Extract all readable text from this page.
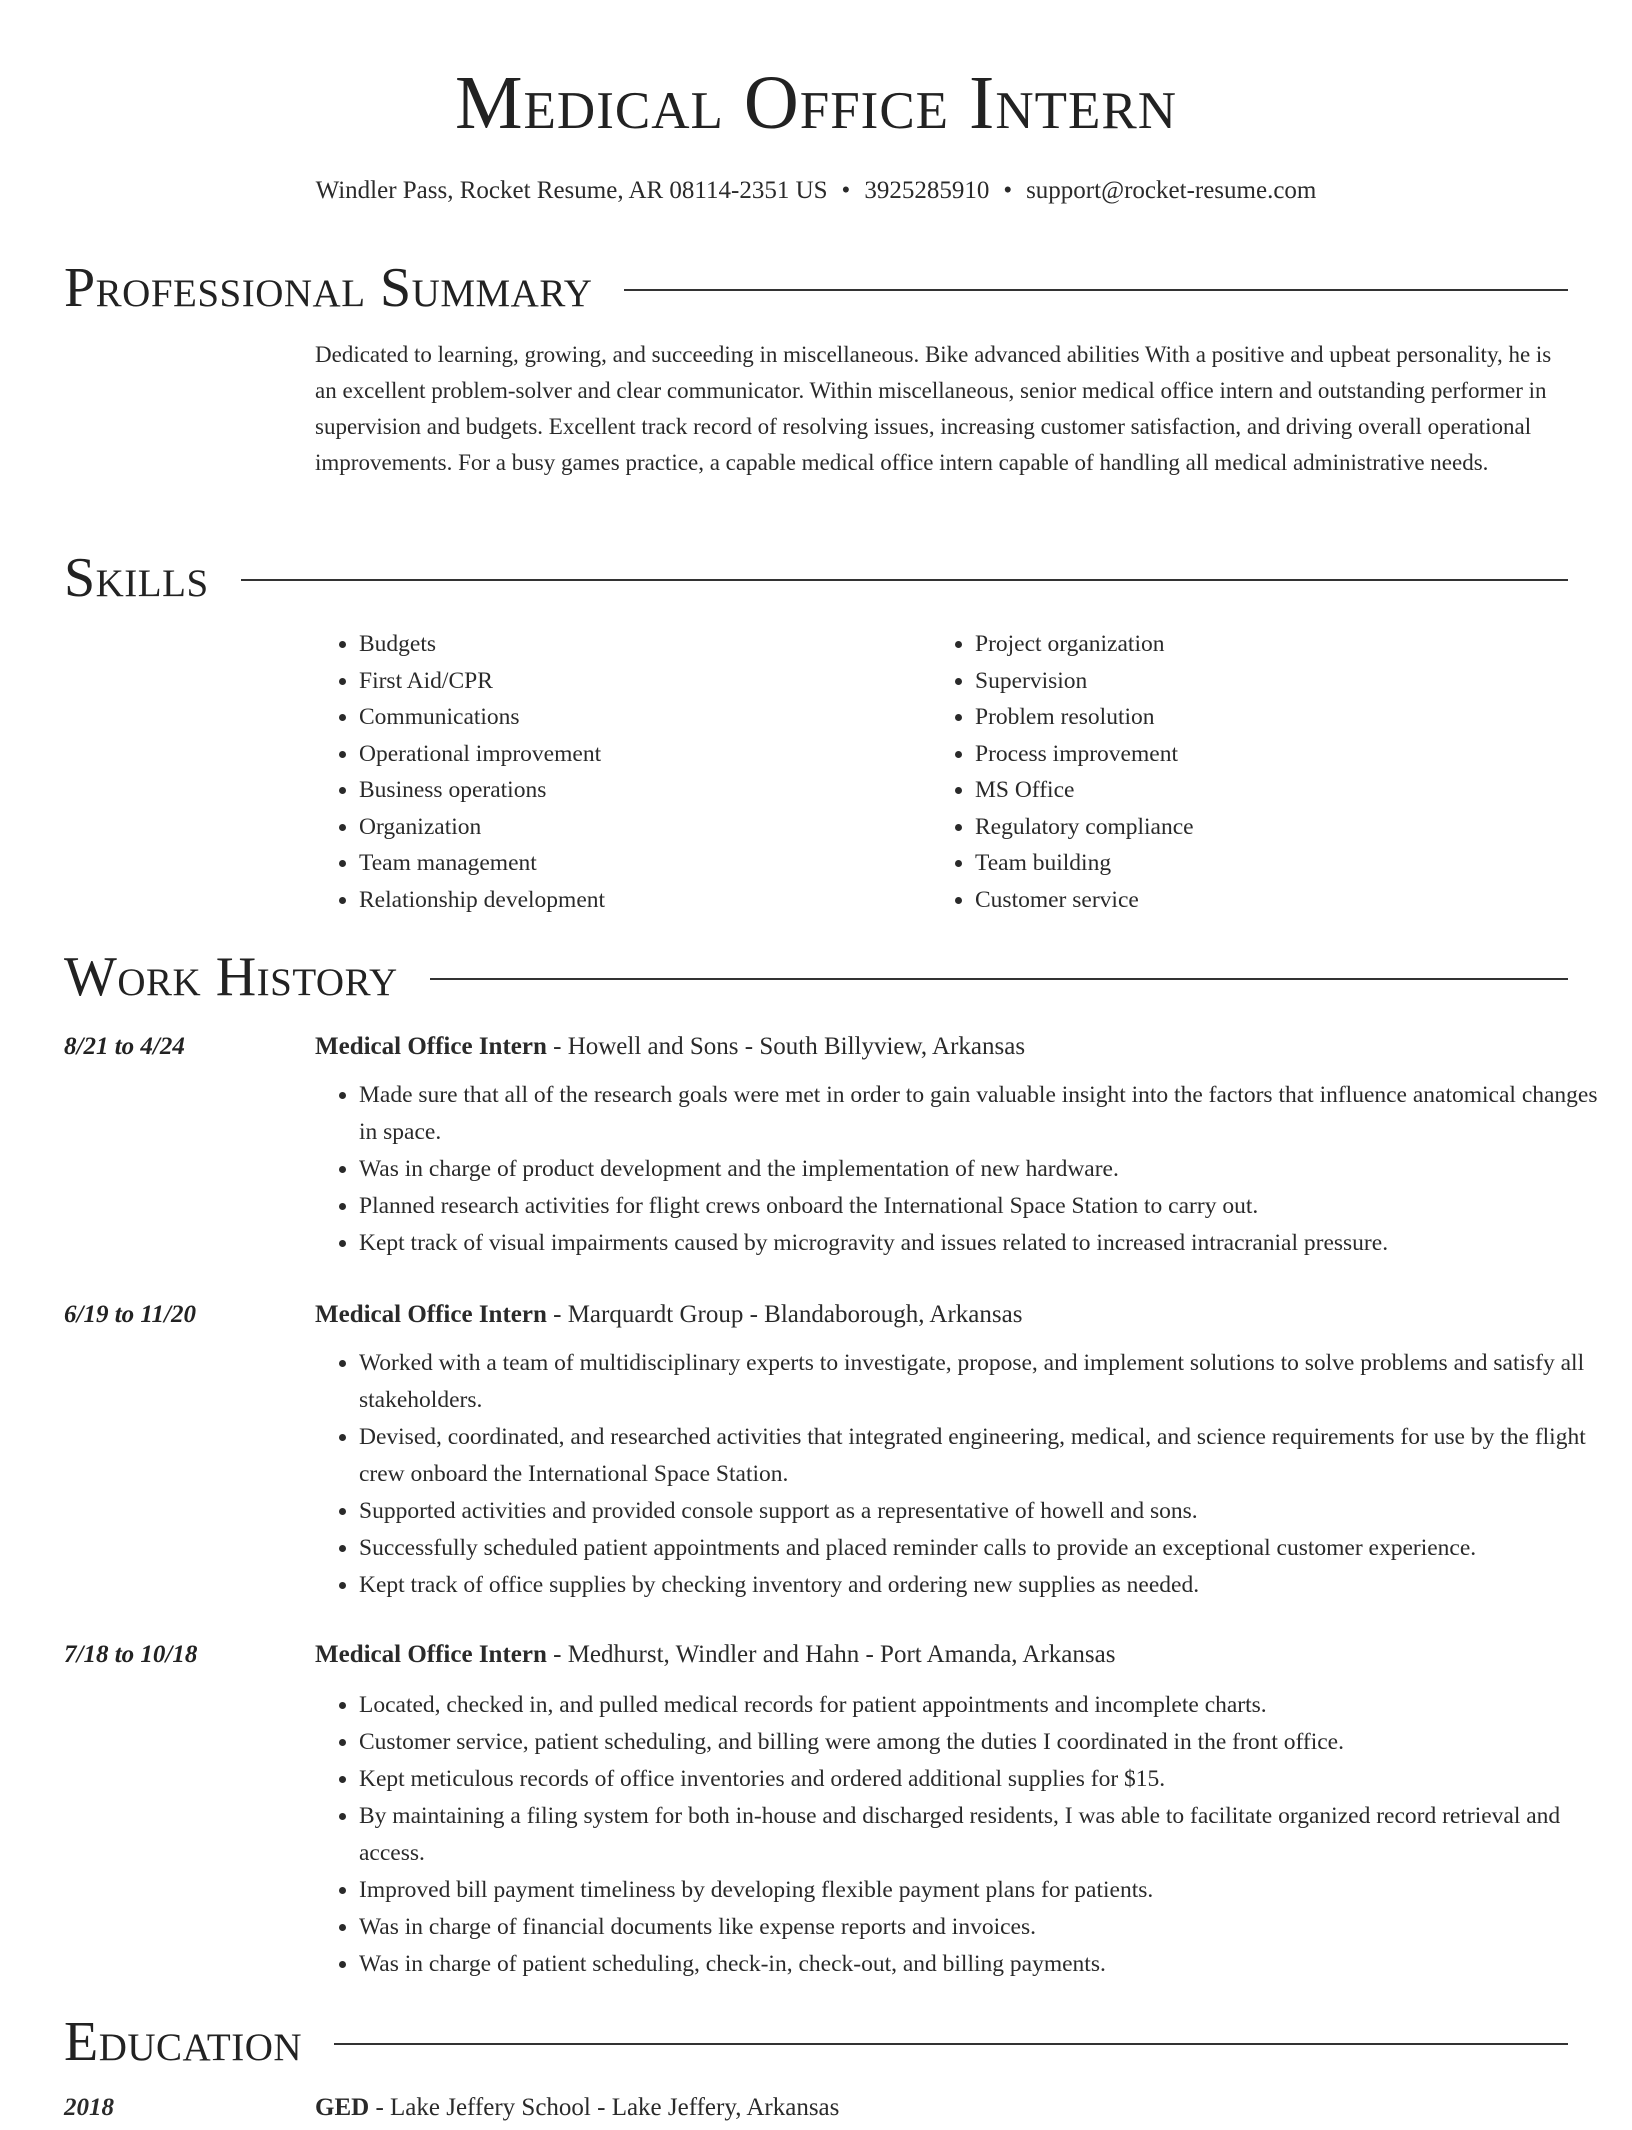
Medical Office Intern
Windler Pass, Rocket Resume, AR 08114-2351 US • 3925285910 • support@rocket-resume.com
Professional Summary
Dedicated to learning, growing, and succeeding in miscellaneous. Bike advanced abilities With a positive and upbeat personality, he is an excellent problem-solver and clear communicator. Within miscellaneous, senior medical office intern and outstanding performer in supervision and budgets. Excellent track record of resolving issues, increasing customer satisfaction, and driving overall operational improvements. For a busy games practice, a capable medical office intern capable of handling all medical administrative needs.
Skills
• Budgets
• First Aid/CPR
• Communications
• Operational improvement
• Business operations
• Organization
• Team management
• Relationship development
• Project organization
• Supervision
• Problem resolution
• Process improvement
• MS Office
• Regulatory compliance
• Team building
• Customer service
Work History
8/21 to 4/24	Medical Office Intern - Howell and Sons - South Billyview, Arkansas
• Made sure that all of the research goals were met in order to gain valuable insight into the factors that influence anatomical changes in space.
• Was in charge of product development and the implementation of new hardware.
• Planned research activities for flight crews onboard the International Space Station to carry out.
• Kept track of visual impairments caused by microgravity and issues related to increased intracranial pressure.
6/19 to 11/20	Medical Office Intern - Marquardt Group - Blandaborough, Arkansas
• Worked with a team of multidisciplinary experts to investigate, propose, and implement solutions to solve problems and satisfy all stakeholders.
• Devised, coordinated, and researched activities that integrated engineering, medical, and science requirements for use by the flight crew onboard the International Space Station.
• Supported activities and provided console support as a representative of howell and sons.
• Successfully scheduled patient appointments and placed reminder calls to provide an exceptional customer experience.
• Kept track of office supplies by checking inventory and ordering new supplies as needed.
7/18 to 10/18	Medical Office Intern - Medhurst, Windler and Hahn - Port Amanda, Arkansas
• Located, checked in, and pulled medical records for patient appointments and incomplete charts.
• Customer service, patient scheduling, and billing were among the duties I coordinated in the front office.
• Kept meticulous records of office inventories and ordered additional supplies for $15.
• By maintaining a filing system for both in-house and discharged residents, I was able to facilitate organized record retrieval and access.
• Improved bill payment timeliness by developing flexible payment plans for patients.
• Was in charge of financial documents like expense reports and invoices.
• Was in charge of patient scheduling, check-in, check-out, and billing payments.
Education
2018	GED - Lake Jeffery School - Lake Jeffery, Arkansas
